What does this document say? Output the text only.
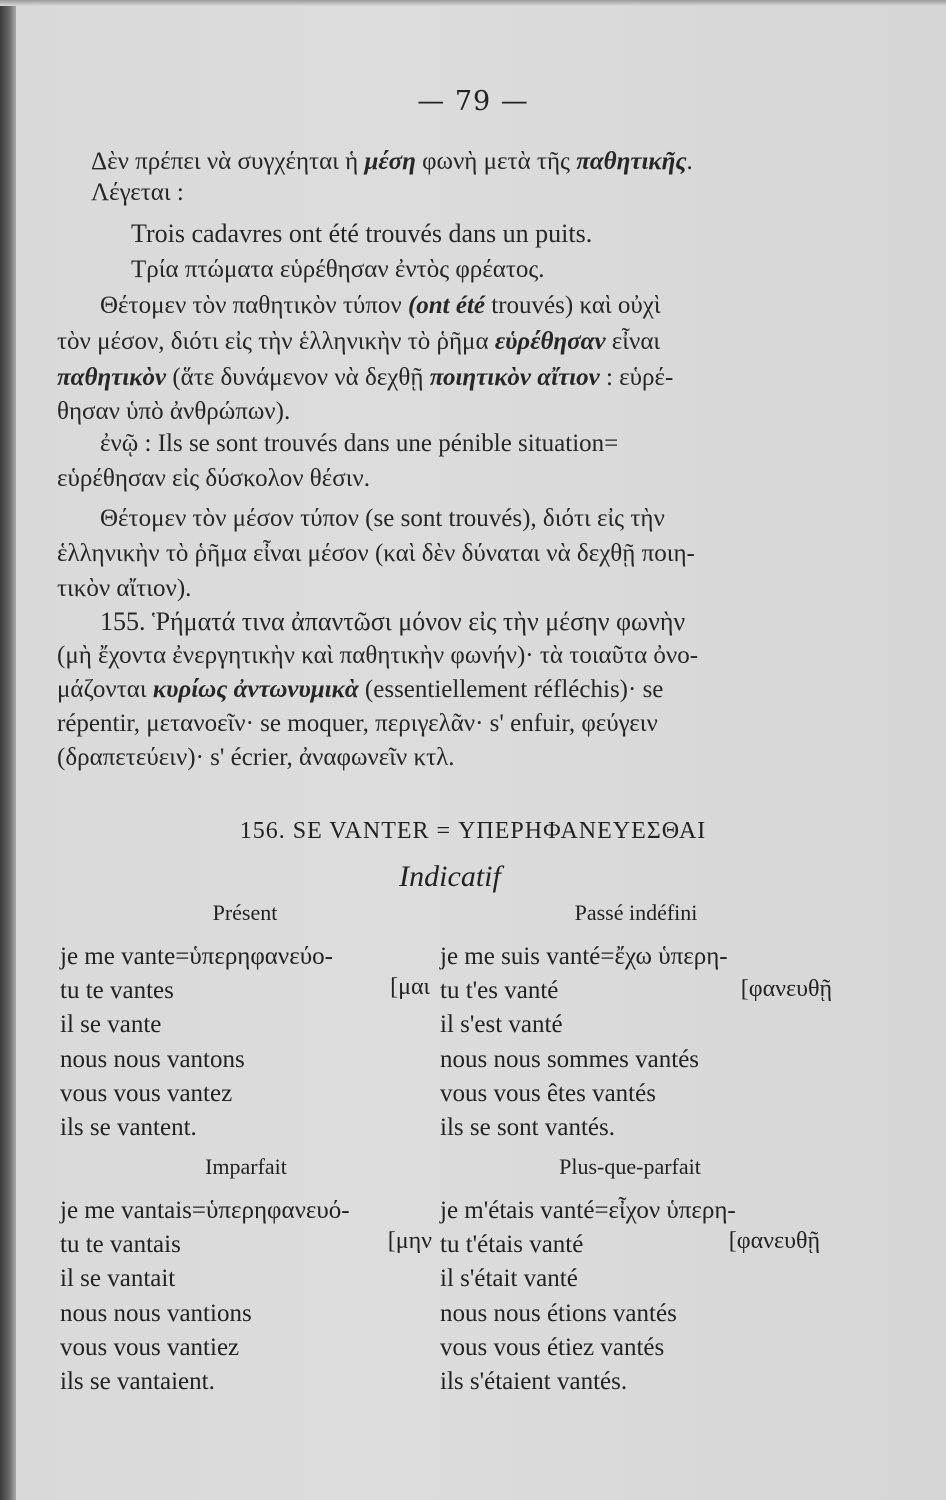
— 79 —
Δὲν πρέπει νὰ συγχέηται ἡ μέση φωνὴ μετὰ τῆς παθητικῆς.
Λέγεται :
Trois cadavres ont été trouvés dans un puits.
Τρία πτώματα εὑρέθησαν ἐντὸς φρέατος.
Θέτομεν τὸν παθητικὸν τύπον (ont été trouvés) καὶ οὐχὶ
τὸν μέσον, διότι εἰς τὴν ἑλληνικὴν τὸ ῥῆμα εὑρέθησαν εἶναι
παθητικὸν (ἅτε δυνάμενον νὰ δεχθῇ ποιητικὸν αἴτιον : εὑρέ-
θησαν ὑπὸ ἀνθρώπων).
ἐνῷ : Ils se sont trouvés dans une pénible situation=
εὑρέθησαν εἰς δύσκολον θέσιν.
Θέτομεν τὸν μέσον τύπον (se sont trouvés), διότι εἰς τὴν
ἑλληνικὴν τὸ ῥῆμα εἶναι μέσον (καὶ δὲν δύναται νὰ δεχθῇ ποιη-
τικὸν αἴτιον).
155. Ῥήματά τινα ἀπαντῶσι μόνον εἰς τὴν μέσην φωνὴν
(μὴ ἔχοντα ἐνεργητικὴν καὶ παθητικὴν φωνήν)· τὰ τοιαῦτα ὀνο-
μάζονται κυρίως ἀντωνυμικὰ (essentiellement réfléchis)· se
répentir, μετανοεῖν· se moquer, περιγελᾶν· s' enfuir, φεύγειν
(δραπετεύειν)· s' écrier, ἀναφωνεῖν κτλ.
156. SE VANTER = ΥΠΕΡΗΦΑΝΕΥΕΣΘΑΙ
Indicatif
Présent
je me vante=ὑπερηφανεύο-
tu te vantes
il se vante
nous nous vantons
vous vous vantez
ils se vantent.
[μαι
Passé indéfini
je me suis vanté=ἔχω ὑπερη-
tu t'es vanté
il s'est vanté
nous nous sommes vantés
vous vous êtes vantés
ils se sont vantés.
[φανευθῇ
Imparfait
je me vantais=ὑπερηφανευό-
tu te vantais
il se vantait
nous nous vantions
vous vous vantiez
ils se vantaient.
[μην
Plus-que-parfait
je m'étais vanté=εἶχον ὑπερη-
tu t'étais vanté
il s'était vanté
nous nous étions vantés
vous vous étiez vantés
ils s'étaient vantés.
[φανευθῇ
